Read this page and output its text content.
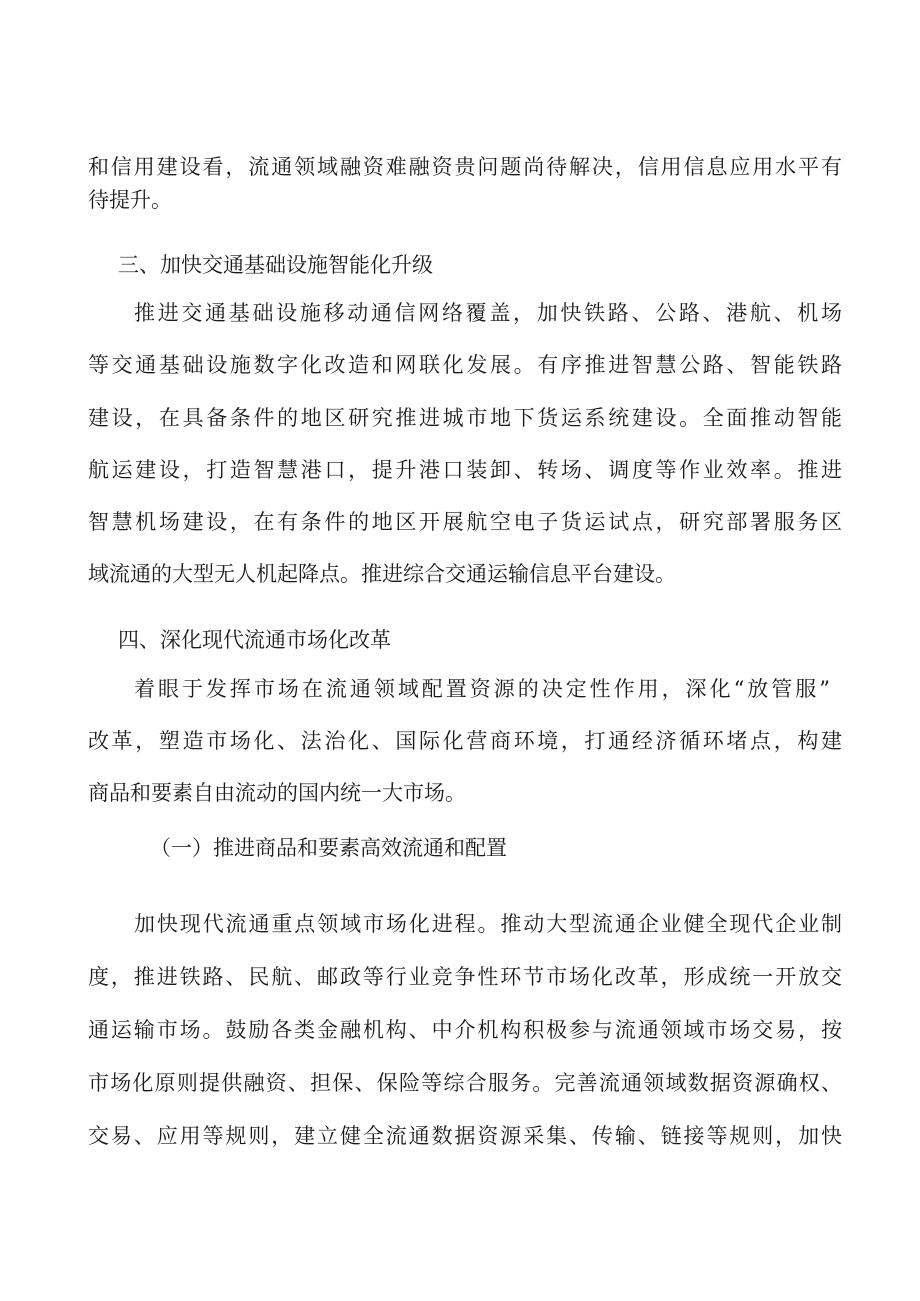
和信用建设看，流通领域融资难融资贵问题尚待解决，信用信息应用水平有
待提升。
三、加快交通基础设施智能化升级
推进交通基础设施移动通信网络覆盖，加快铁路、公路、港航、机场
等交通基础设施数字化改造和网联化发展。有序推进智慧公路、智能铁路
建设，在具备条件的地区研究推进城市地下货运系统建设。全面推动智能
航运建设，打造智慧港口，提升港口装卸、转场、调度等作业效率。推进
智慧机场建设，在有条件的地区开展航空电子货运试点，研究部署服务区
域流通的大型无人机起降点。推进综合交通运输信息平台建设。
四、深化现代流通市场化改革
着眼于发挥市场在流通领域配置资源的决定性作用，深化“放管服”
改革，塑造市场化、法治化、国际化营商环境，打通经济循环堵点，构建
商品和要素自由流动的国内统一大市场。
（一）推进商品和要素高效流通和配置
加快现代流通重点领域市场化进程。推动大型流通企业健全现代企业制
度，推进铁路、民航、邮政等行业竞争性环节市场化改革，形成统一开放交
通运输市场。鼓励各类金融机构、中介机构积极参与流通领域市场交易，按
市场化原则提供融资、担保、保险等综合服务。完善流通领域数据资源确权、
交易、应用等规则，建立健全流通数据资源采集、传输、链接等规则，加快
